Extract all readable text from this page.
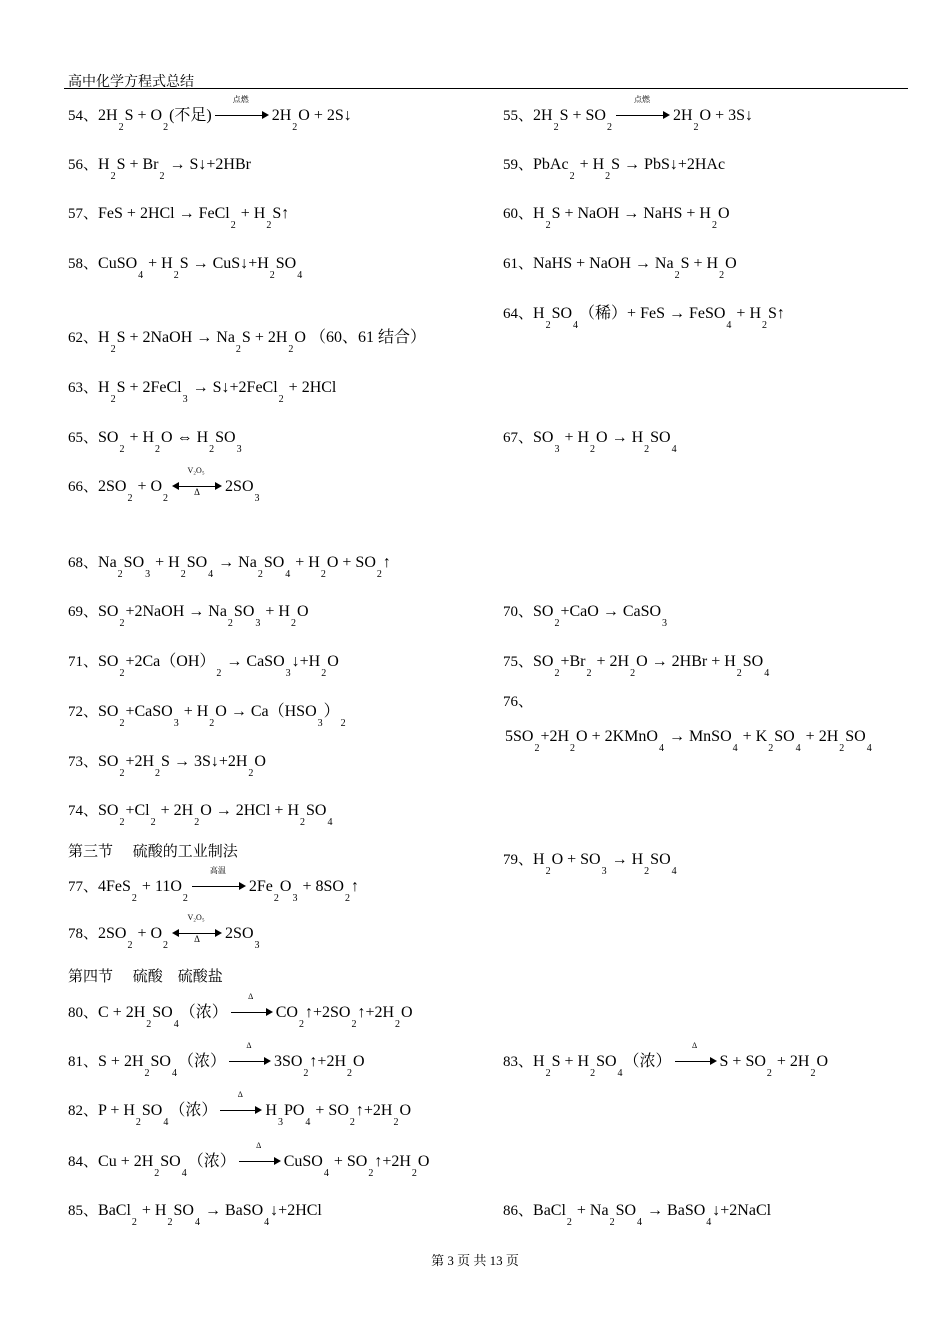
高中化学方程式总结
54、$2H_2S + O_2$(不足)
点燃
$2H_2O$ + 2S↓	55、$2H_2S + SO_2$
点燃
$2H_2O$ + 3S↓
56、$H_2S + Br_2$ → S↓+2HBr	59、PbAc$_2$ + $H_2S$ → PbS↓+2HAc
57、FeS + 2HCl → FeCl$_2$ + $H_2S↑$	60、$H_2S$ + NaOH → NaHS + $H_2O$
58、CuSO$_4$ + $H_2S$ → $CuS↓+H_2SO_4$
61、NaHS + NaOH → $Na_2S + H_2O$
64、$H_2SO_4$（稀）+ FeS → FeSO$_4$ + $H_2S↑$
62、$H_2S$ + 2NaOH → $Na_2S + 2H_2O$ （60、61 结合）
63、$H_2S$ + 2FeCl$_3$ → S↓+2FeCl$_2$ + 2HCl
65、$SO_2 + H_2O$ ⇔ $H_2SO_3$
67、$SO_3 + H_2O \to H_2SO_4$
66、$2SO_2 + O_2$
$\frac{\text{V₂O₅}}{\Delta} 2SO_3$
68、$Na_2SO_3 + H_2SO_4 \to Na_2SO_4 + H_2O$ + $SO_2↑$
69、$SO_2+2NaOH \to Na_2SO_3 + H_2O$	70、$SO_2+CaO$ → CaSO$_3$
71、$SO_2+2Ca(OH)_2$ → $CaSO_3↓+H_2O$	75、$SO_2+Br_2 + 2H_2O \to 2HBr + H_2SO_4$
76、
$5SO_2+2H_2O$ + 2KMnO$_4$ → MnSO$_4$ + $K_2SO_4 + 2H_2SO_4$
72、$SO_2+CaSO_3 + H_2O \to Ca(HSO_3)_2$
73、$SO_2+2H_2S$ → $3S↓+2H_2O$
74、$SO_2+Cl_2 + 2H_2O \to 2HCl + H_2SO_4$
第三节　 硫酸的工业制法	79、$H_2O + SO_3 \to H_2SO_4$
77、$4FeS_2 + 11O_2$
高温
$2Fe_2O_3$ + $8SO_2↑$
78、$2SO_2 + O_2$
$\frac{\text{V₂O₅}}{\Delta} 2SO_3$
第四节　 硫酸　硫酸盐
80、$C + 2H_2SO_4$（浓）
Δ
$CO_2↑+2SO_2↑+2H_2O$
81、$S + 2H_2SO_4$（浓）
Δ
$3SO_2↑+2H_2O$	83、$H_2S + H_2SO_4$（浓）
Δ
$S + SO_2 + 2H_2O$
82、$P + H_2SO_4$（浓）
Δ
$H_3PO_4$ + $SO_2↑+2H_2O$
84、$Cu + 2H_2SO_4$（浓）
Δ
CuSO$_4$ + $SO_2↑+2H_2O$
85、BaCl$_2$ + $H_2SO_4$ → BaSO$_4$↓+2HCl	86、BaCl$_2$ + $Na_2SO_4$ → BaSO$_4$↓+2NaCl
第 3 页 共 13 页
